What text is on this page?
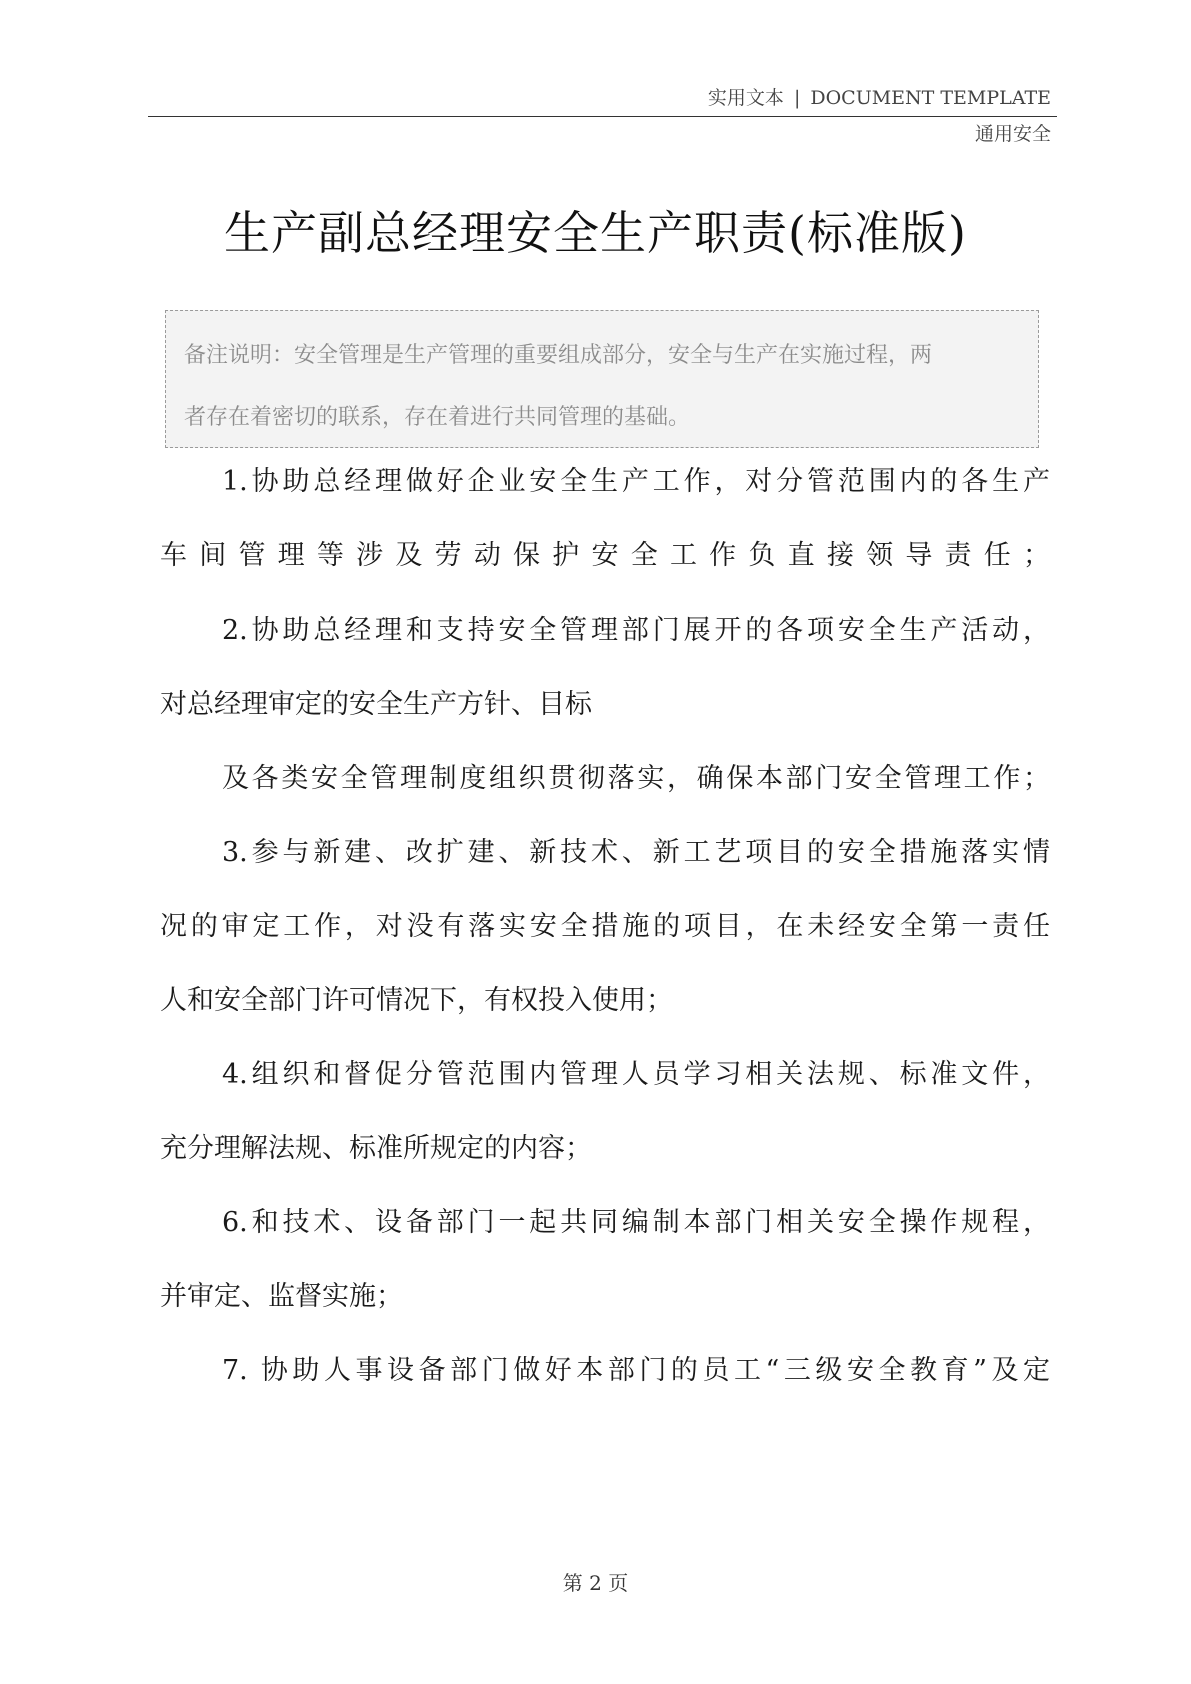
实用文本 | DOCUMENT TEMPLATE
通用安全
生产副总经理安全生产职责(标准版)

备注说明：安全管理是生产管理的重要组成部分，安全与生产在实施过程，两

者存在着密切的联系，存在着进行共同管理的基础。

1.协助总经理做好企业安全生产工作，对分管范围内的各生产
车间管理等涉及劳动保护安全工作负直接领导责任；
2.协助总经理和支持安全管理部门展开的各项安全生产活动，
对总经理审定的安全生产方针、目标
及各类安全管理制度组织贯彻落实，确保本部门安全管理工作；
3.参与新建、改扩建、新技术、新工艺项目的安全措施落实情
况的审定工作，对没有落实安全措施的项目，在未经安全第一责任
人和安全部门许可情况下，有权投入使用；
4.组织和督促分管范围内管理人员学习相关法规、标准文件，
充分理解法规、标准所规定的内容；
6.和技术、设备部门一起共同编制本部门相关安全操作规程，
并审定、监督实施；
7. 协助人事设备部门做好本部门的员工“三级安全教育”及定
第 2 页
